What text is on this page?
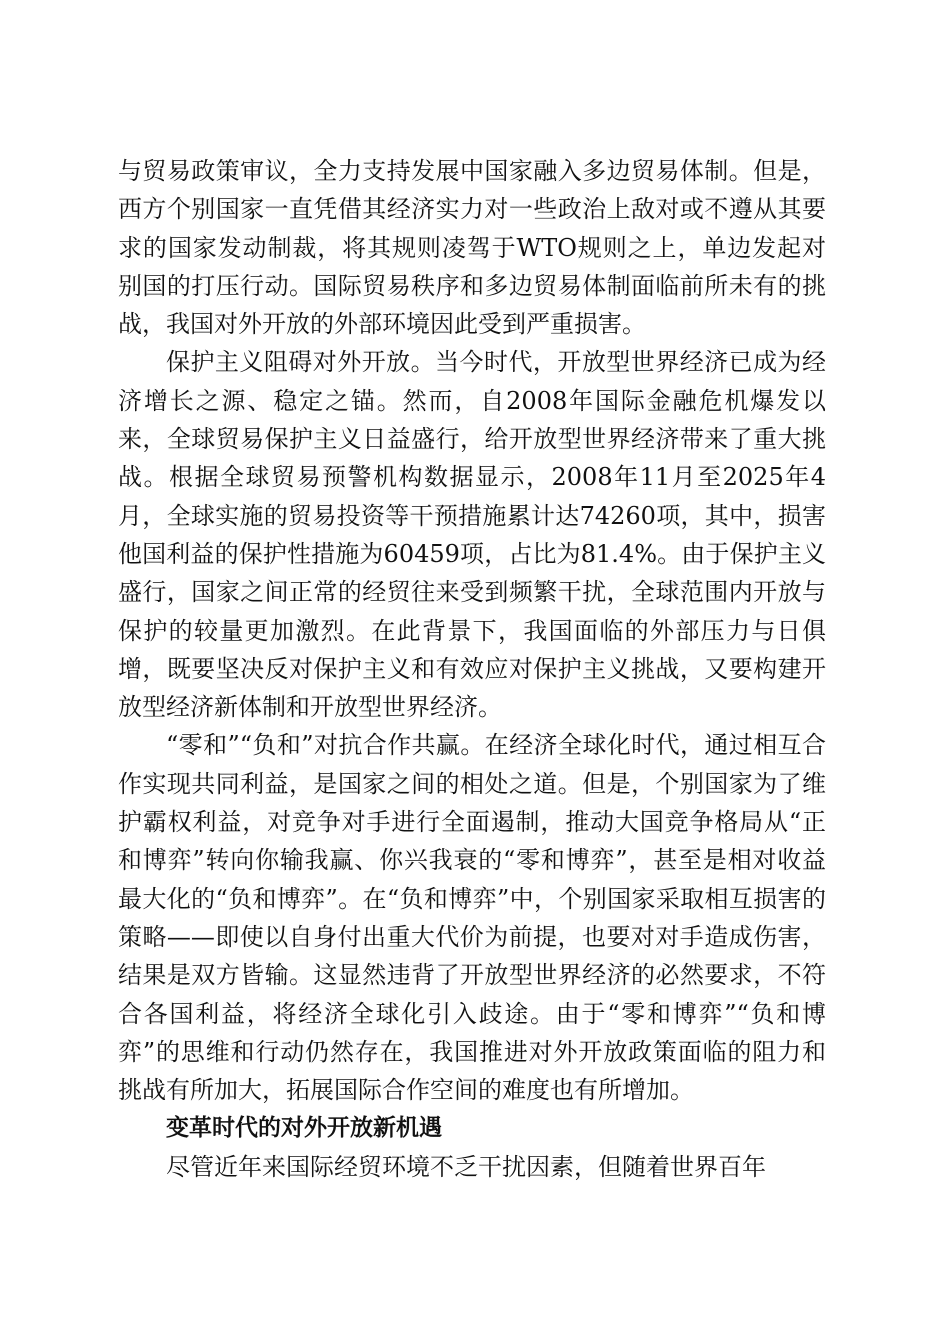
与贸易政策审议，全力支持发展中国家融入多边贸易体制。但是，西方个别国家一直凭借其经济实力对一些政治上敌对或不遵从其要求的国家发动制裁，将其规则凌驾于WTO规则之上，单边发起对别国的打压行动。国际贸易秩序和多边贸易体制面临前所未有的挑战，我国对外开放的外部环境因此受到严重损害。

保护主义阻碍对外开放。当今时代，开放型世界经济已成为经济增长之源、稳定之锚。然而，自2008年国际金融危机爆发以来，全球贸易保护主义日益盛行，给开放型世界经济带来了重大挑战。根据全球贸易预警机构数据显示，2008年11月至2025年4月，全球实施的贸易投资等干预措施累计达74260项，其中，损害他国利益的保护性措施为60459项，占比为81.4%。由于保护主义盛行，国家之间正常的经贸往来受到频繁干扰，全球范围内开放与保护的较量更加激烈。在此背景下，我国面临的外部压力与日俱增，既要坚决反对保护主义和有效应对保护主义挑战，又要构建开放型经济新体制和开放型世界经济。

“零和”“负和”对抗合作共赢。在经济全球化时代，通过相互合作实现共同利益，是国家之间的相处之道。但是，个别国家为了维护霸权利益，对竞争对手进行全面遏制，推动大国竞争格局从“正和博弈”转向你输我赢、你兴我衰的“零和博弈”，甚至是相对收益最大化的“负和博弈”。在“负和博弈”中，个别国家采取相互损害的策略——即使以自身付出重大代价为前提，也要对对手造成伤害，结果是双方皆输。这显然违背了开放型世界经济的必然要求，不符合各国利益，将经济全球化引入歧途。由于“零和博弈”“负和博弈”的思维和行动仍然存在，我国推进对外开放政策面临的阻力和挑战有所加大，拓展国际合作空间的难度也有所增加。

变革时代的对外开放新机遇

尽管近年来国际经贸环境不乏干扰因素，但随着世界百年
